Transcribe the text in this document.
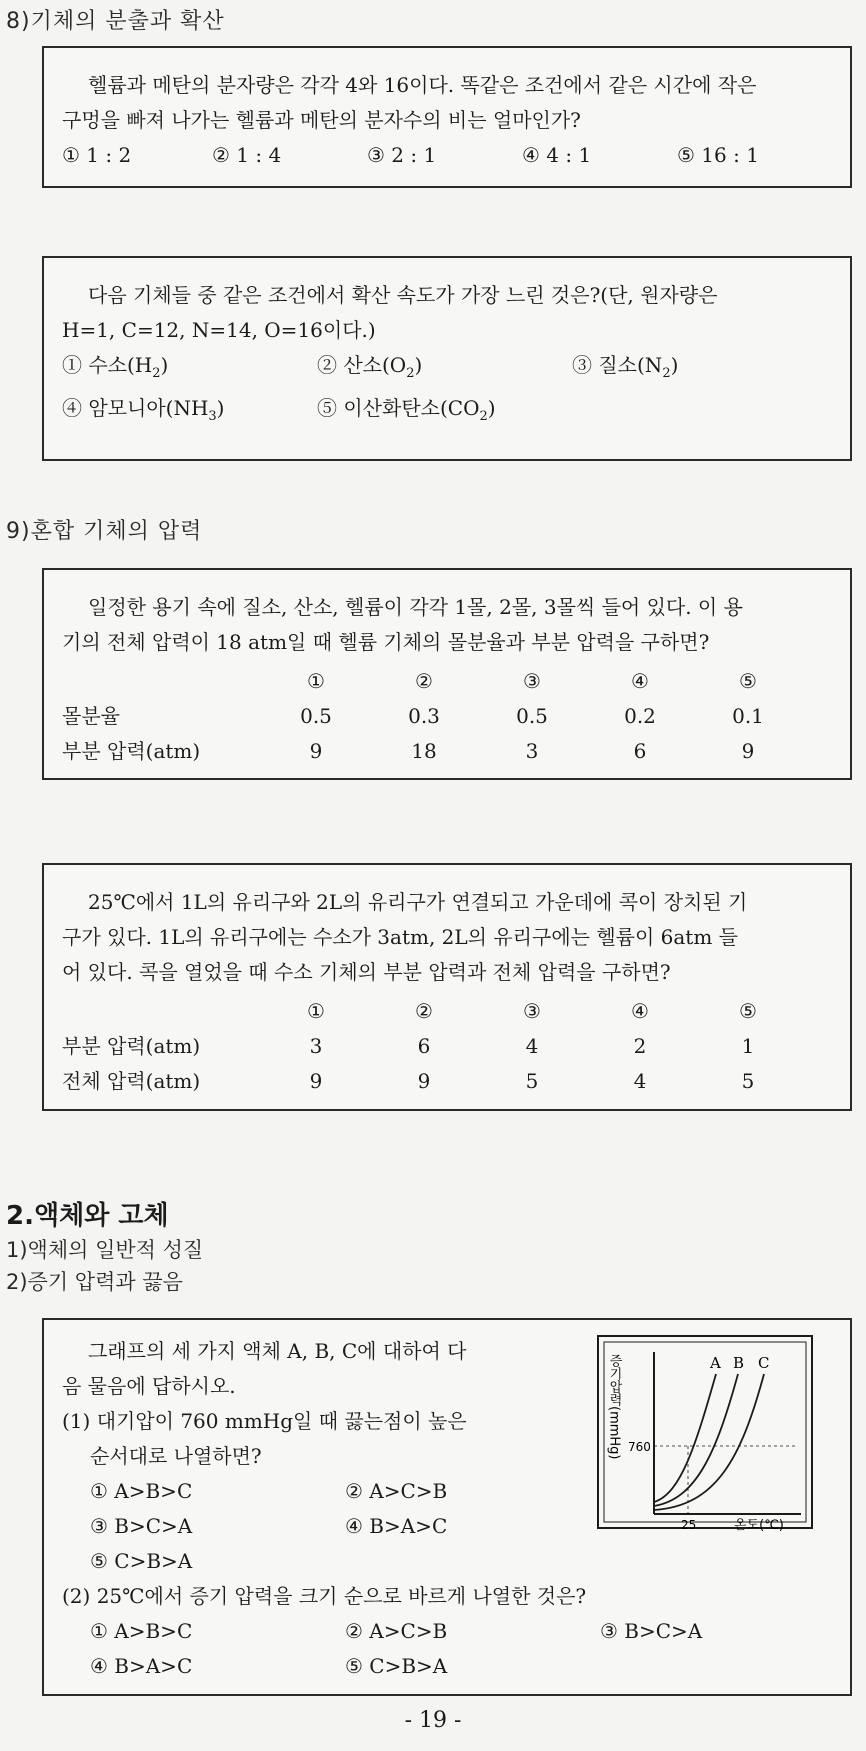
8)기체의 분출과 확산

헬륨과 메탄의 분자량은 각각 4와 16이다. 똑같은 조건에서 같은 시간에 작은

구멍을 빠져 나가는 헬륨과 메탄의 분자수의 비는 얼마인가?

① 1 : 2	② 1 : 4	③ 2 : 1	④ 4 : 1	⑤ 16 : 1

다음 기체들 중 같은 조건에서 확산 속도가 가장 느린 것은?(단, 원자량은

H=1, C=12, N=14, O=16이다.)

① 수소$(H_2)$	② 산소$(O_2)$	③ 질소$(N_2)$
④ 암모니아$(NH_3)$	⑤ 이산화탄소$(CO_2)$
9)혼합 기체의 압력

일정한 용기 속에 질소, 산소, 헬륨이 각각 1몰, 2몰, 3몰씩 들어 있다. 이 용

기의 전체 압력이 18 atm일 때 헬륨 기체의 몰분율과 부분 압력을 구하면?

①	②	③	④	⑤
몰분율	0.5	0.3	0.5	0.2	0.1
부분 압력(atm)	9	18	3	6	9

25℃에서 1L의 유리구와 2L의 유리구가 연결되고 가운데에 콕이 장치된 기

구가 있다. 1L의 유리구에는 수소가 3atm, 2L의 유리구에는 헬륨이 6atm 들

어 있다. 콕을 열었을 때 수소 기체의 부분 압력과 전체 압력을 구하면?

①	②	③	④	⑤
부분 압력(atm)	3	6	4	2	1
전체 압력(atm)	9	9	5	4	5
2.액체와 고체
1)액체의 일반적 성질
2)증기 압력과 끓음

그래프의 세 가지 액체 A, B, C에 대하여 다

음 물음에 답하시오.

(1) 대기압이 760 mmHg일 때 끓는점이 높은

순서대로 나열하면?

① A>B>C	② A>C>B
③ B>C>A	④ B>A>C
⑤ C>B>A

(2) 25℃에서 증기 압력을 크기 순으로 바르게 나열한 것은?

① A>B>C	② A>C>B	③ B>C>A
④ B>A>C	⑤ C>B>A
A B C
760
25	온도(℃)
증기압력(mmHg)
- 19 -
